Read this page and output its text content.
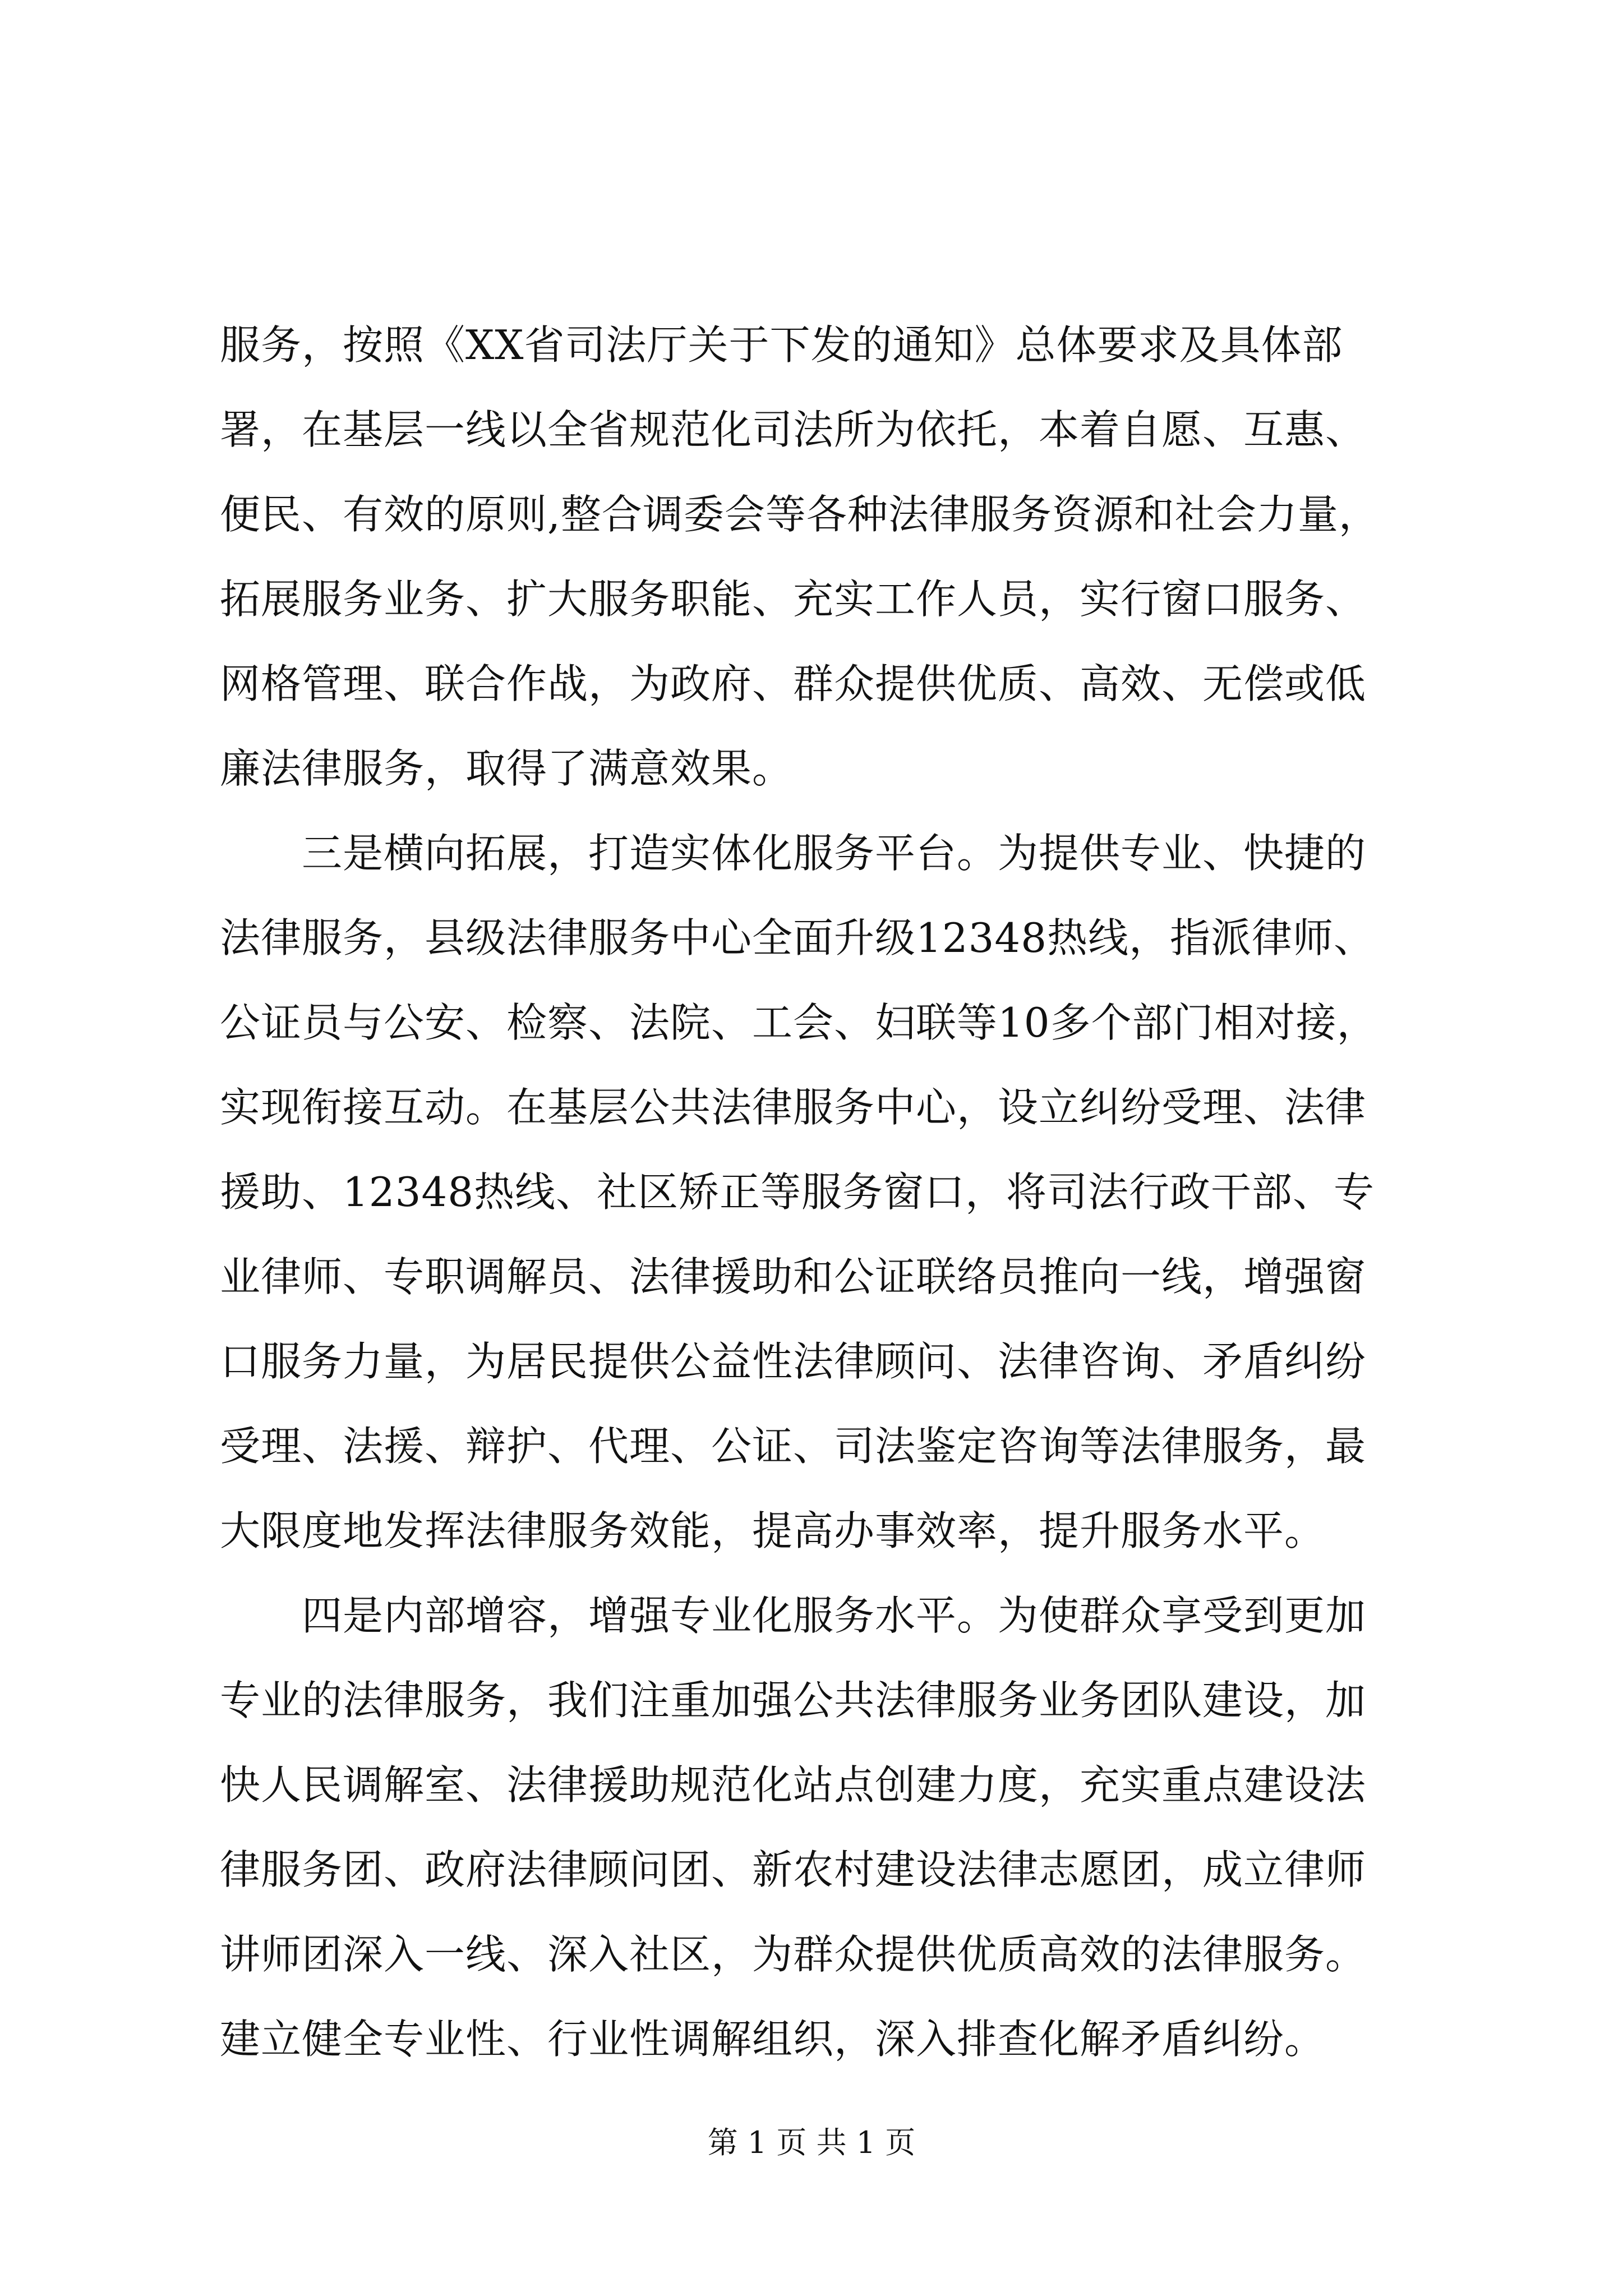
服务，按照《XX省司法厅关于下发的通知》总体要求及具体部

署，在基层一线以全省规范化司法所为依托，本着自愿、互惠、

便民、有效的原则,整合调委会等各种法律服务资源和社会力量，

拓展服务业务、扩大服务职能、充实工作人员，实行窗口服务、

网格管理、联合作战，为政府、群众提供优质、高效、无偿或低

廉法律服务，取得了满意效果。

　　三是横向拓展，打造实体化服务平台。为提供专业、快捷的

法律服务，县级法律服务中心全面升级12348热线，指派律师、

公证员与公安、检察、法院、工会、妇联等10多个部门相对接，

实现衔接互动。在基层公共法律服务中心，设立纠纷受理、法律

援助、12348热线、社区矫正等服务窗口，将司法行政干部、专

业律师、专职调解员、法律援助和公证联络员推向一线，增强窗

口服务力量，为居民提供公益性法律顾问、法律咨询、矛盾纠纷

受理、法援、辩护、代理、公证、司法鉴定咨询等法律服务，最

大限度地发挥法律服务效能，提高办事效率，提升服务水平。

　　四是内部增容，增强专业化服务水平。为使群众享受到更加

专业的法律服务，我们注重加强公共法律服务业务团队建设，加

快人民调解室、法律援助规范化站点创建力度，充实重点建设法

律服务团、政府法律顾问团、新农村建设法律志愿团，成立律师

讲师团深入一线、深入社区，为群众提供优质高效的法律服务。

建立健全专业性、行业性调解组织，深入排查化解矛盾纠纷。

第 1 页 共 1 页
